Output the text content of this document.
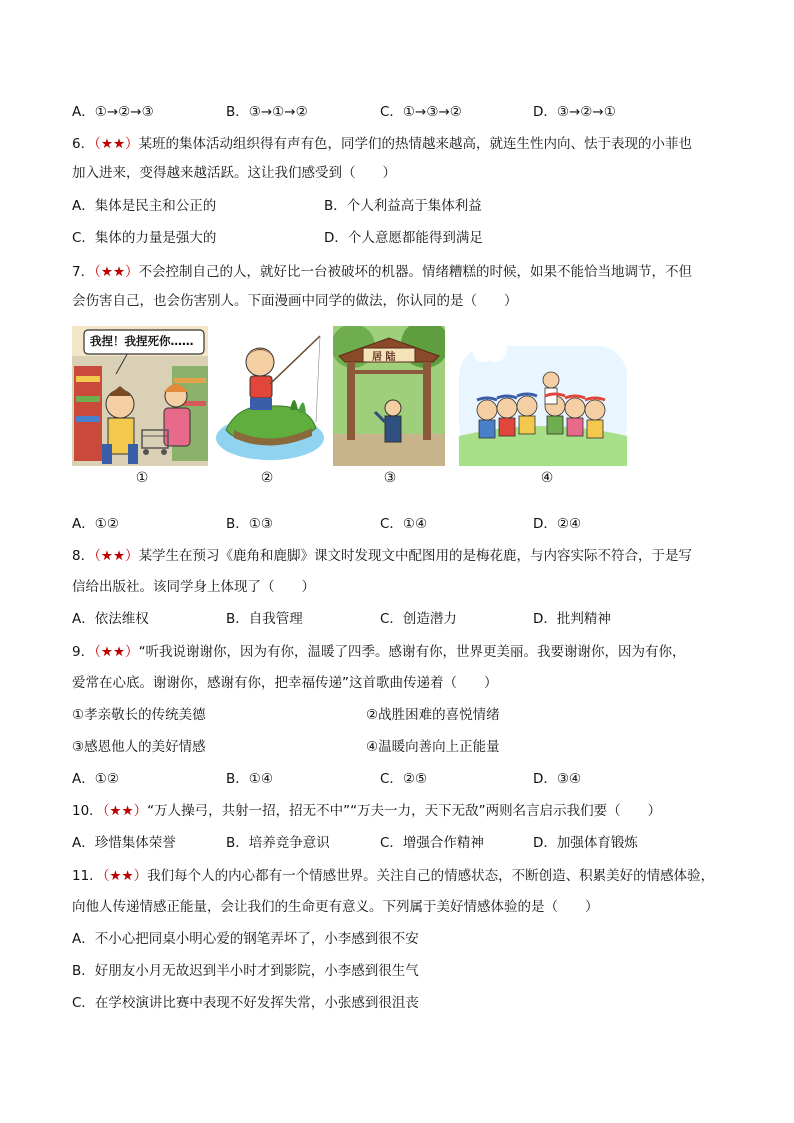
A．①→②→③	B．③→①→②	C．①→③→②	D．③→②→①
6．（★★）某班的集体活动组织得有声有色，同学们的热情越来越高，就连生性内向、怯于表现的小菲也
加入进来，变得越来越活跃。这让我们感受到（　　）
A．集体是民主和公正的	B．个人利益高于集体利益
C．集体的力量是强大的	D．个人意愿都能得到满足
7．（★★）不会控制自己的人，就好比一台被破坏的机器。情绪糟糕的时候，如果不能恰当地调节，不但
会伤害自己，也会伤害别人。下面漫画中同学的做法，你认同的是（　　）
我捏！我捏死你……
居 陆
①	②	③	④
A．①②	B．①③	C．①④	D．②④
8．（★★）某学生在预习《鹿角和鹿脚》课文时发现文中配图用的是梅花鹿，与内容实际不符合，于是写
信给出版社。该同学身上体现了（　　）
A．依法维权	B．自我管理	C．创造潜力	D．批判精神
9．（★★）“听我说谢谢你，因为有你，温暖了四季。感谢有你，世界更美丽。我要谢谢你，因为有你，
爱常在心底。谢谢你，感谢有你，把幸福传递”这首歌曲传递着（　　）
①孝亲敬长的传统美德	②战胜困难的喜悦情绪
③感恩他人的美好情感	④温暖向善向上正能量
A．①②	B．①④	C．②⑤	D．③④
10．（★★）“万人操弓，共射一招，招无不中”“万夫一力，天下无敌”两则名言启示我们要（　　）
A．珍惜集体荣誉	B．培养竞争意识	C．增强合作精神	D．加强体育锻炼
11．（★★）我们每个人的内心都有一个情感世界。关注自己的情感状态，不断创造、积累美好的情感体验，
向他人传递情感正能量，会让我们的生命更有意义。下列属于美好情感体验的是（　　）
A．不小心把同桌小明心爱的钢笔弄坏了，小李感到很不安
B．好朋友小月无故迟到半小时才到影院，小李感到很生气
C．在学校演讲比赛中表现不好发挥失常，小张感到很沮丧
